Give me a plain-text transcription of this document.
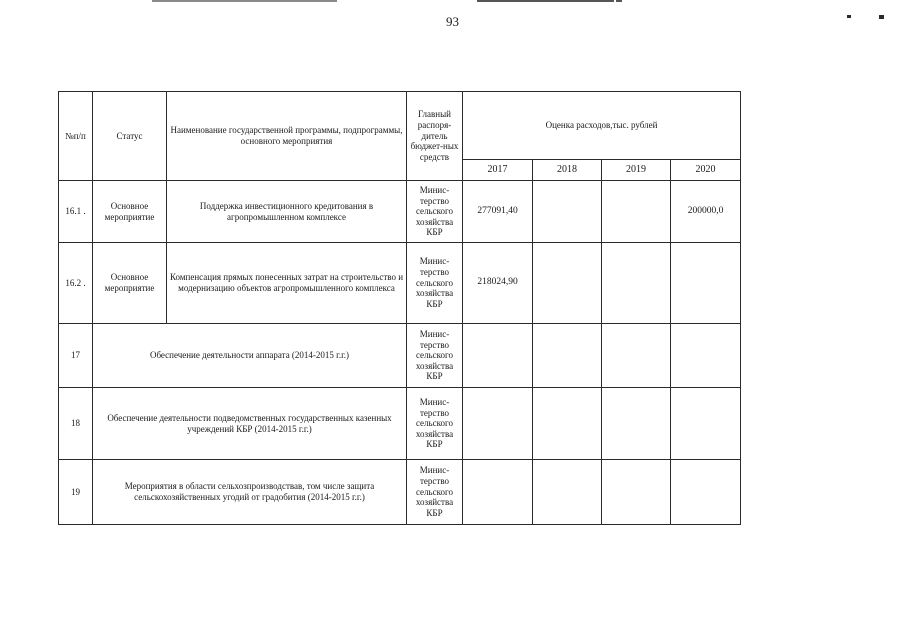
93
№п/п	Статус	Наименование государственной программы, подпрограммы, основного мероприятия	Главный распоря-дитель бюджет-ных средств	Оценка расходов,тыс. рублей			
				2017	2018	2019	2020
16.1 .	Основное мероприятие	Поддержка инвестиционного кредитования в агропромышленном комплексе	Минис-терство сельского хозяйства КБР	277091,40			200000,0
16.2 .	Основное мероприятие	Компенсация прямых понесенных затрат на строительство и модернизацию объектов агропромышленного комплекса	Минис-терство сельского хозяйства КБР	218024,90			
17	Обеспечение деятельности аппарата (2014-2015 г.г.)		Минис-терство сельского хозяйства КБР				
18	Обеспечение деятельности подведомственных государственных казенных учреждений КБР (2014-2015 г.г.)		Минис-терство сельского хозяйства КБР				
19	Мероприятия в области сельхозпроизводствав, том числе защита сельскохозяйственных угодий от градобития (2014-2015 г.г.)		Минис-терство сельского хозяйства КБР				
